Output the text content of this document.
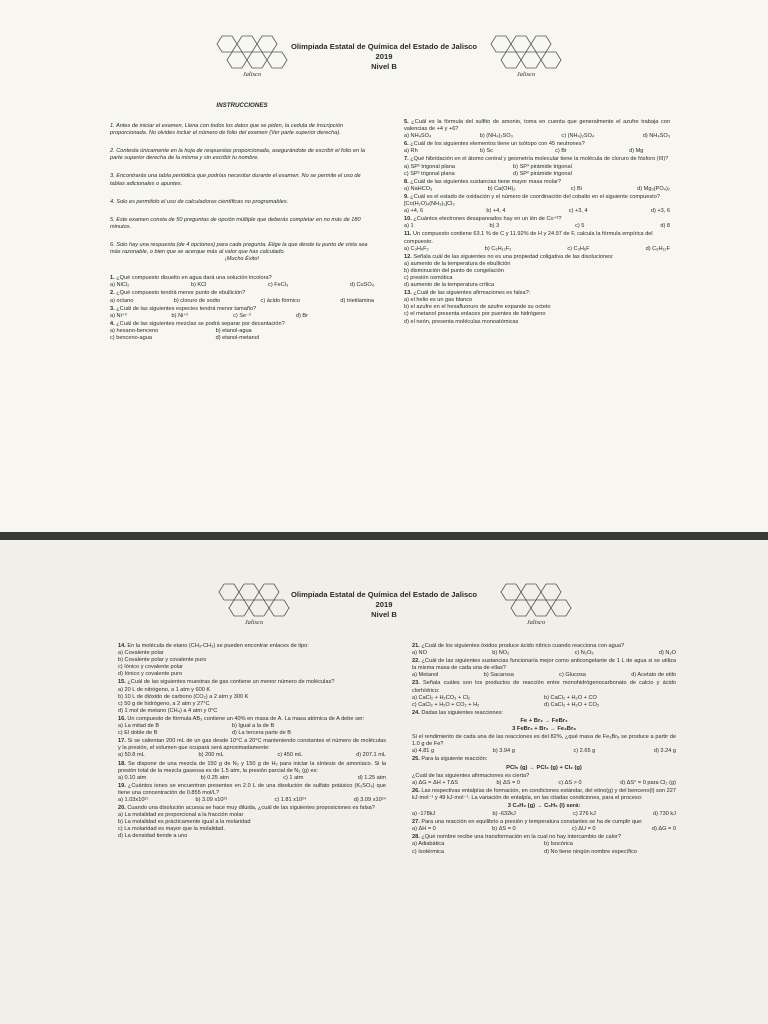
Jalisco	Jalisco
Olimpiada Estatal de Química del Estado de Jalisco
2019
Nivel B

INSTRUCCIONES

1. Antes de iniciar el examen, Llena con todos los datos que se piden, la cedula de inscripción proporcionada. No olvides incluir el número de folio del examen (Ver parte superior derecha).

2. Contesta únicamente en la hoja de respuestas proporcionada, asegurándote de escribir el folio en la parte superior derecha de la misma y sin escribir tu nombre.

3. Encontrarás una tabla periódica que podrías necesitar durante el examen. No se permite el uso de tablas adicionales o apuntes.

4. Solo es permitido el uso de calculadoras científicas no programables.

5. Este examen consta de 50 preguntas de opción múltiple que deberás completar en no más de 180 minutos.

6. Solo hay una respuesta (de 4 opciones) para cada pregunta. Elige la que desde tu punto de vista sea más razonable, o bien que se acerque más al valor que has calculado.

¡Mucho Éxito!

1. ¿Qué compuesto disuelto en agua dará una solución incolora?

a) NiCl₂	b) KCl	c) FeCl₃	d) CuSO₄

2. ¿Qué compuesto tendrá menor punto de ebullición?

a) octano	b) cloruro de sodio	c) ácido fórmico	d) trietilamina

3. ¿Cuál de las siguientes especies tendrá menor tamaño?

a) Ni⁺³	b) Ni⁺²	c) Se⁻²	d) Br

4. ¿Cuál de las siguientes mezclas se podrá separar por decantación?

a) hexano-benceno	b) etanol-agua
c) benceno-agua	d) etanol-metanol

5. ¿Cuál es la fórmula del sulfito de amonio, toma en cuenta que generalmente el azufre trabaja con valencias de +4 y +6?

a) NH₄SO₄	b) (NH₄)₂SO₃	c) (NH₄)₂SO₄	d) NH₄SO₃

6. ¿Cuál de los siguientes elementos tiene un isótopo con 45 neutrones?

a) Rh	b) Sc	c) Br	d) Mg

7. ¿Qué hibridación en el átomo central y geometría molecular tiene la molécula de cloruro de fósforo (III)?

a) SP² trigonal plana	b) SP³ pirámide trigonal
c) SP³ trigonal plana	d) SP² pirámide trigonal

8. ¿Cuál de las siguientes sustancias tiene mayor masa molar?

a) NaHCO₃	b) Ca(OH)₂	c) Bi	d) Mg₃(PO₄)₂

9. ¿Cuál es el estado de oxidación y el número de coordinación del cobalto en el siguiente compuesto? [Co(H₂O)₄(NH₃)₂]Cl₃

a) +4, 6	b) +4, 4	c) +3, 4	d) +3, 6

10. ¿Cuántos electrones desapareados hay en un ión de Co⁺³?

a) 1	b) 3	c) 5	d) 8

11. Un compuesto contiene 63.1 % de C y 11.92% de H y 24.97 de F, calcula la fórmula empírica del compuesto.

a) C₃H₆F₂	b) C₆H₁₂F₂	c) C₃H₆F	d) C₆H₁₂F

12. Señala cuál de las siguientes no es una propiedad coligativa de las disoluciones:

a) aumento de la temperatura de ebullición

b) disminución del punto de congelación

c) presión osmótica

d) aumento de la temperatura crítica

13. ¿Cuál de las siguientes afirmaciones es falsa?:

a) el helio es un gas blanco

b) el azufre en el hexafluoruro de azufre expande su octeto

c) el metanol presenta enlaces por puentes de hidrógeno

d) el neón, presenta moléculas monoatómicas

Jalisco	Jalisco
Olimpiada Estatal de Química del Estado de Jalisco
2019
Nivel B

14. En la molécula de etano (CH₃-CH₃) se pueden encontrar enlaces de tipo:

a) Covalente polar

b) Covalente polar y covalente puro

c) Iónico y covalente polar

d) Iónico y covalente puro

15. ¿Cuál de las siguientes muestras de gas contiene un menor número de moléculas?

a) 20 L de nitrógeno, a 1 atm y 600 K

b) 10 L de dióxido de carbono (CO₂) a 2 atm y 300 K

c) 50 g de hidrógeno, a 2 atm y 27°C

d) 1 mol de metano (CH₄) a 4 atm y 0°C

16. Un compuesto de fórmula AB₃ contiene un 40% en masa de A. La masa atómica de A debe ser:

a) La mitad de B	b) Igual a la de B
c) El doble de B	d) La tercera parte de B

17. Si se calientan 200 mL de un gas desde 10°C a 20°C manteniendo constantes el número de moléculas y la presión, el volumen que ocupará será aproximadamente:

a) 50.8 mL	b) 200 mL	c) 450 mL	d) 207.1 mL

18. Se dispone de una mezcla de 150 g de N₂ y 150 g de H₂ para iniciar la síntesis de amoniaco. Si la presión total de la mezcla gaseosa es de 1.5 atm, la presión parcial de N₂ (g) es:

a) 0.10 atm	b) 0.25 atm	c) 1 atm	d) 1.25 atm

19. ¿Cuántos iones se encuentran presentes en 2.0 L de una disolución de sulfato potásico (K₂SO₄) que tiene una concentración de 0.855 mol/L?

a) 1.03x10²¹	b) 3.09 x10²¹	c) 1.81 x10²⁴	d) 3.09 x10²⁴

20. Cuando una disolución acuosa se hace muy diluida, ¿cuál de las siguientes proposiciones es falsa?

a) La molalidad es proporcional a la fracción molar

b) La molalidad es prácticamente igual a la molaridad

c) La molaridad es mayor que la molalidad.

d) La densidad tiende a uno

21. ¿Cuál de los siguientes óxidos produce ácido nítrico cuando reacciona con agua?

a) NO	b) NO₂	c) N₂O₅	d) N₂O

22. ¿Cuál de las siguientes sustancias funcionaría mejor como anticongelante de 1 L de agua si se utiliza la misma masa de cada una de ellas?

a) Metanol	b) Sacarosa	c) Glucosa	d) Acetato de etilo

23. Señala cuáles son los productos de reacción entre monohidrógenocarbonato de calcio y ácido clorhídrico:

a) CaCl₂ + H₂CO₃ + Cl₂	b) CaCl₂ + H₂O + CO
c) CaCl₂ + H₂O + CO₂ + H₂	d) CaCl₂ + H₂O + CO₂

24. Dadas las siguientes reacciones:

Fe + Br₂ → FeBr₂

3 FeBr₂ + Br₂ → Fe₃Br₈

Si el rendimiento de cada una de las reacciones es del 82%, ¿qué masa de Fe₃Br₈ se produce a partir de 1.0 g de Fe?

a) 4.81 g	b) 3.94 g	c) 2.65 g	d) 3.24 g

25. Para la siguiente reacción:

PCl₅ (g) → PCl₃ (g) + Cl₂ (g)

¿Cuál de las siguientes afirmaciones es cierta?

a) ΔG = ΔH + TΔS	b) ΔS = 0	c) ΔS > 0	d) ΔS° = 0 para Cl₂ (g)

26. Las respectivas entalpías de formación, en condiciones estándar, del etino(g) y del benceno(l) son 227 kJ·mol⁻¹ y 49 kJ·mol⁻¹. La variación de entalpía, en las citadas condiciones, para el proceso:

3 C₂H₂ (g) → C₆H₆ (l) será:

a) -178kJ	b) -632kJ	c) 276 kJ	d) 730 kJ

27. Para una reacción en equilibrio a presión y temperatura constantes se ha de cumplir que:

a) ΔH = 0	b) ΔS = 0	c) ΔU = 0	d) ΔG = 0

28. ¿Qué nombre recibe una transformación en la cual no hay intercambio de calor?

a) Adiabática	b) Isocórica
c) Isotérmica	d) No tiene ningún nombre específico
